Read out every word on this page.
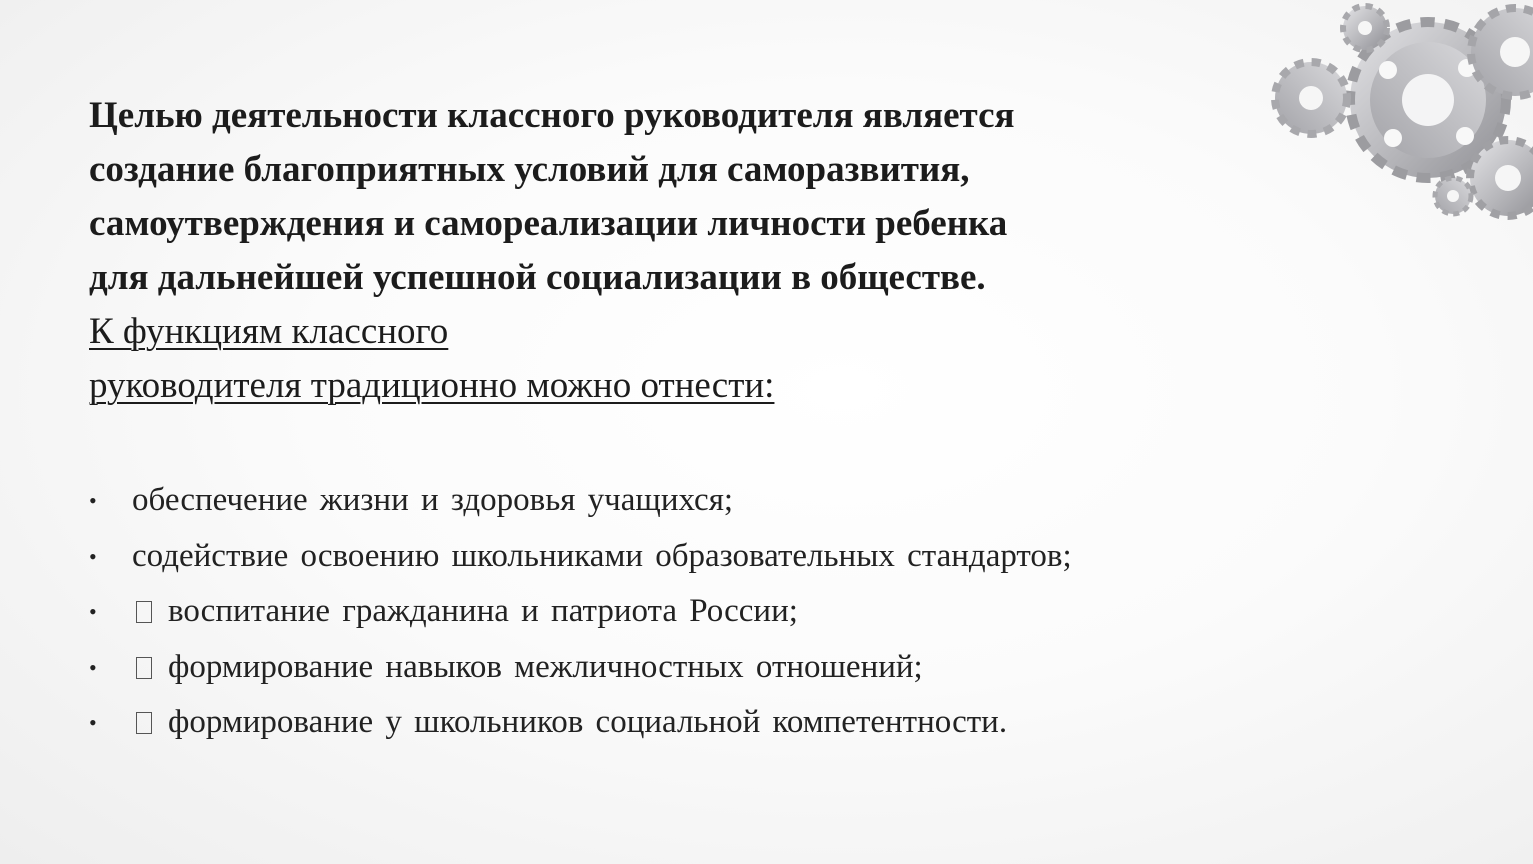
Целью деятельности классного руководителя является
создание благоприятных условий для саморазвития,
самоутверждения и самореализации личности ребенка
для дальнейшей успешной социализации в обществе.

К функциям классного
руководителя традиционно можно отнести:

• обеспечение жизни и здоровья учащихся;
• содействие освоению школьниками образовательных стандартов;
•	воспитание гражданина и патриота России;
•	формирование навыков межличностных отношений;
•	формирование у школьников социальной компетентности.
